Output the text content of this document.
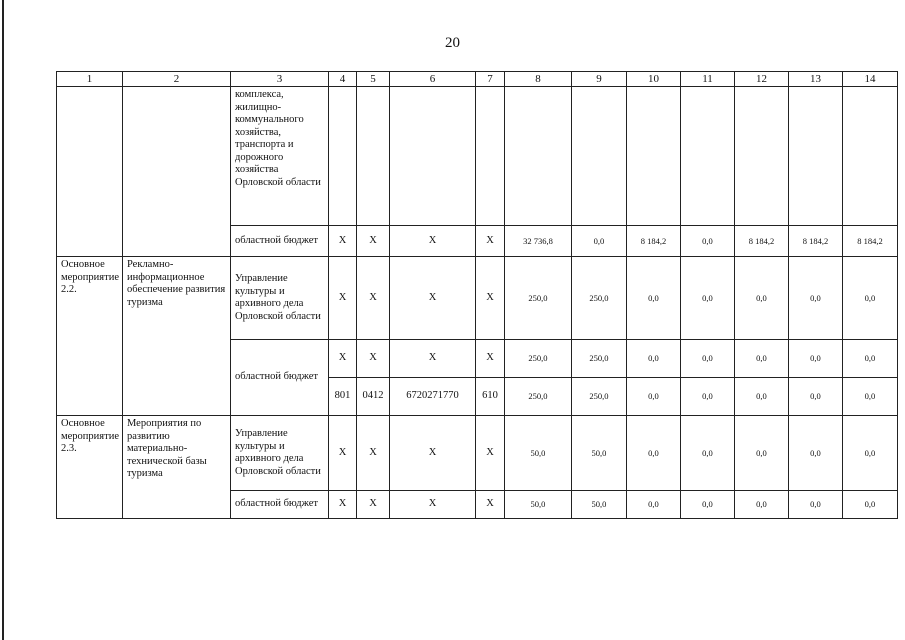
20
1	2	3	4	5	6	7	8	9	10	11	12	13	14
		комплекса, жилищно-коммунального хозяйства, транспорта и дорожного хозяйства Орловской области											
		областной бюджет	X	X	X	X	32 736,8	0,0	8 184,2	0,0	8 184,2	8 184,2	8 184,2
Основное мероприятие 2.2.	Рекламно-информационное обеспечение развития туризма	Управление культуры и архивного дела Орловской области	X	X	X	X	250,0	250,0	0,0	0,0	0,0	0,0	0,0
		областной бюджет	X	X	X	X	250,0	250,0	0,0	0,0	0,0	0,0	0,0
			801	0412	6720271770	610	250,0	250,0	0,0	0,0	0,0	0,0	0,0
Основное мероприятие 2.3.	Мероприятия по развитию материально-технической базы туризма	Управление культуры и архивного дела Орловской области	X	X	X	X	50,0	50,0	0,0	0,0	0,0	0,0	0,0
		областной бюджет	X	X	X	X	50,0	50,0	0,0	0,0	0,0	0,0	0,0
